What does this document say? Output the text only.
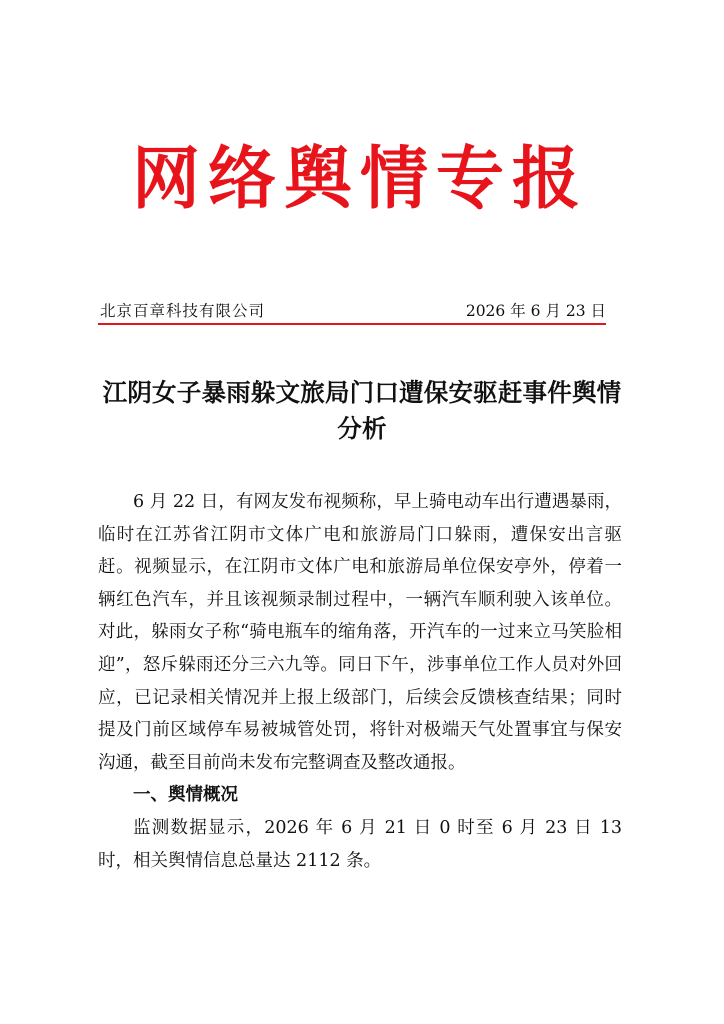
网络舆情专报
北京百章科技有限公司	2026 年 6 月 23 日
江阴女子暴雨躲文旅局门口遭保安驱赶事件舆情分析

6 月 22 日，有网友发布视频称，早上骑电动车出行遭遇暴雨，临时在江苏省江阴市文体广电和旅游局门口躲雨，遭保安出言驱赶。视频显示，在江阴市文体广电和旅游局单位保安亭外，停着一辆红色汽车，并且该视频录制过程中，一辆汽车顺利驶入该单位。对此，躲雨女子称“骑电瓶车的缩角落，开汽车的一过来立马笑脸相迎”，怒斥躲雨还分三六九等。同日下午，涉事单位工作人员对外回应，已记录相关情况并上报上级部门，后续会反馈核查结果；同时提及门前区域停车易被城管处罚，将针对极端天气处置事宜与保安沟通，截至目前尚未发布完整调查及整改通报。

一、舆情概况

监测数据显示，2026 年 6 月 21 日 0 时至 6 月 23 日 13 时，相关舆情信息总量达 2112 条。
